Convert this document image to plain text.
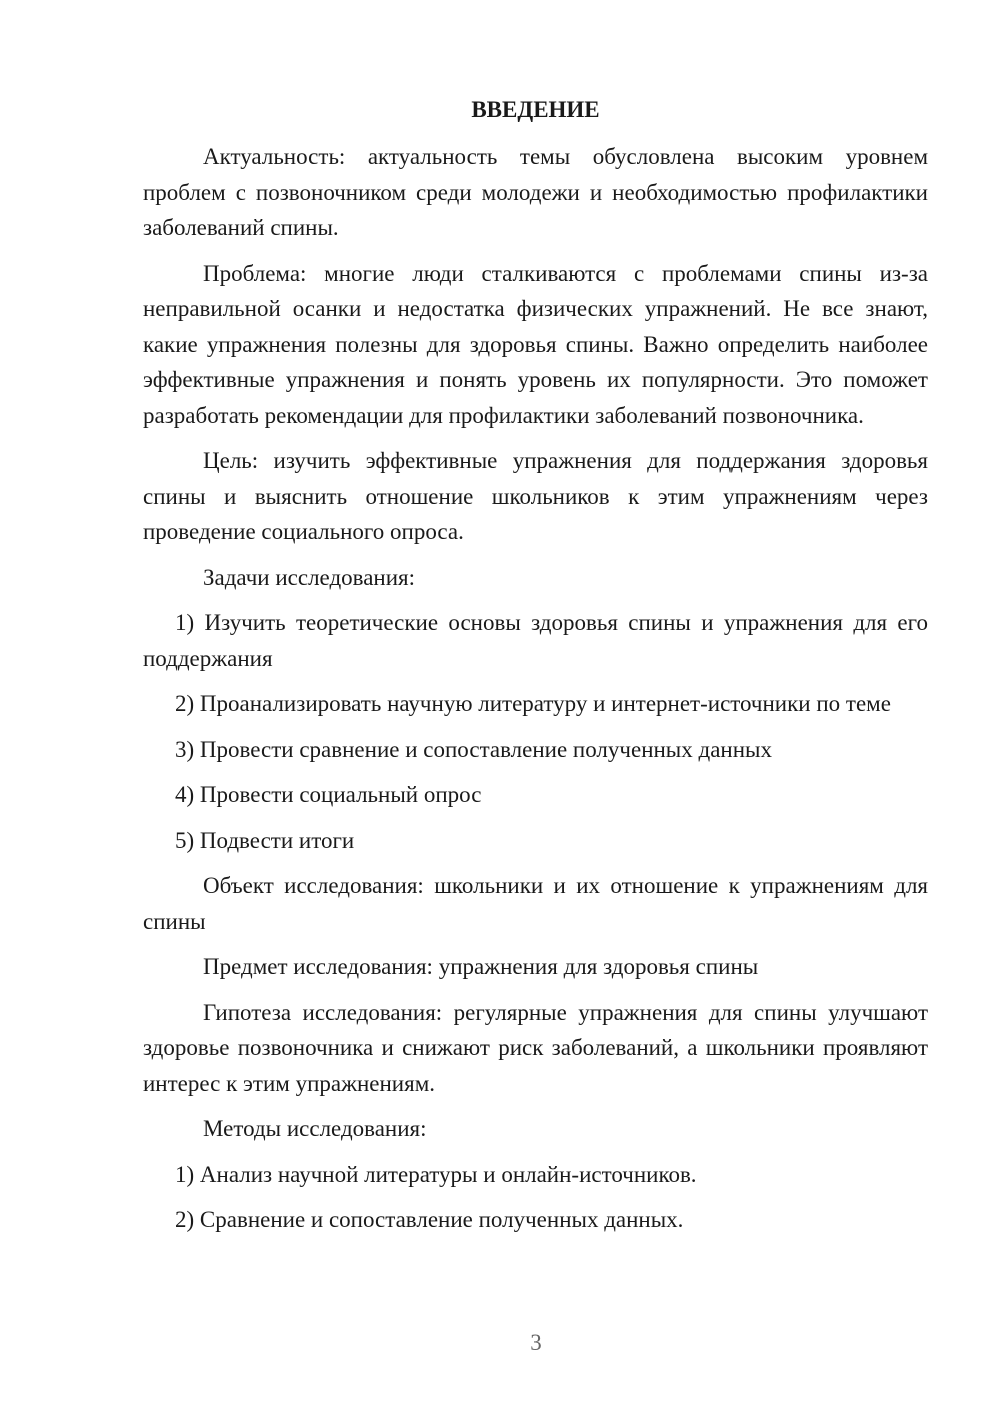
ВВЕДЕНИЕ
Актуальность: актуальность темы обусловлена высоким уровнем проблем с позвоночником среди молодежи и необходимостью профилактики заболеваний спины.
Проблема: многие люди сталкиваются с проблемами спины из-за неправильной осанки и недостатка физических упражнений. Не все знают, какие упражнения полезны для здоровья спины. Важно определить наиболее эффективные упражнения и понять уровень их популярности. Это поможет разработать рекомендации для профилактики заболеваний позвоночника.
Цель: изучить эффективные упражнения для поддержания здоровья спины и выяснить отношение школьников к этим упражнениям через проведение социального опроса.
Задачи исследования:
1) Изучить теоретические основы здоровья спины и упражнения для его поддержания
2) Проанализировать научную литературу и интернет-источники по теме
3) Провести сравнение и сопоставление полученных данных
4) Провести социальный опрос
5) Подвести итоги
Объект исследования: школьники и их отношение к упражнениям для спины
Предмет исследования: упражнения для здоровья спины
Гипотеза исследования: регулярные упражнения для спины улучшают здоровье позвоночника и снижают риск заболеваний, а школьники проявляют интерес к этим упражнениям.
Методы исследования:
1) Анализ научной литературы и онлайн-источников.
2) Сравнение и сопоставление полученных данных.
3
